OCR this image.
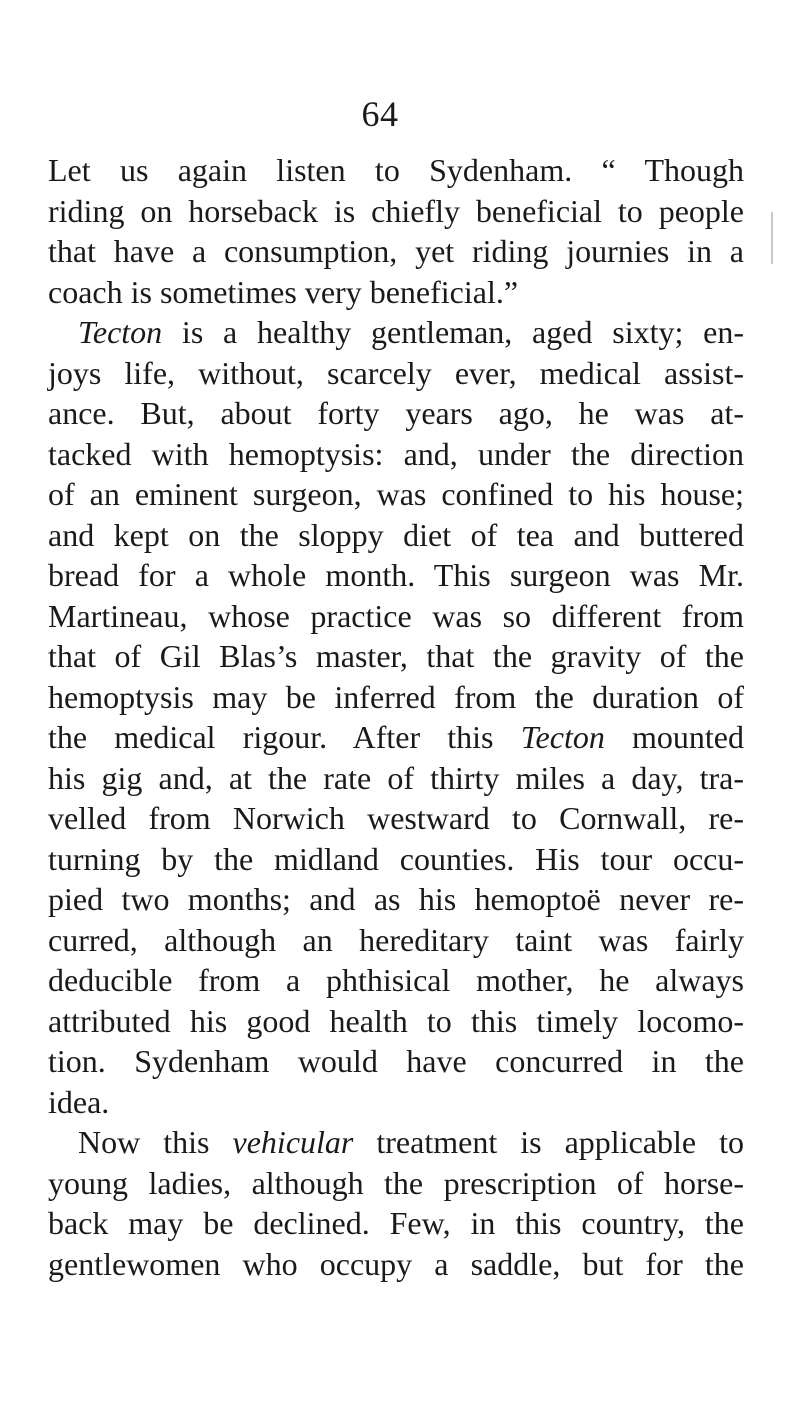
64
Let us again listen to Sydenham. “ Though
riding on horseback is chiefly beneficial to people
that have a consumption, yet riding journies in a
coach is sometimes very beneficial.”
Tecton is a healthy gentleman, aged sixty; en-
joys life, without, scarcely ever, medical assist-
ance. But, about forty years ago, he was at-
tacked with hemoptysis: and, under the direction
of an eminent surgeon, was confined to his house;
and kept on the sloppy diet of tea and buttered
bread for a whole month. This surgeon was Mr.
Martineau, whose practice was so different from
that of Gil Blas’s master, that the gravity of the
hemoptysis may be inferred from the duration of
the medical rigour. After this Tecton mounted
his gig and, at the rate of thirty miles a day, tra-
velled from Norwich westward to Cornwall, re-
turning by the midland counties. His tour occu-
pied two months; and as his hemoptoë never re-
curred, although an hereditary taint was fairly
deducible from a phthisical mother, he always
attributed his good health to this timely locomo-
tion. Sydenham would have concurred in the
idea.
Now this vehicular treatment is applicable to
young ladies, although the prescription of horse-
back may be declined. Few, in this country, the
gentlewomen who occupy a saddle, but for the
